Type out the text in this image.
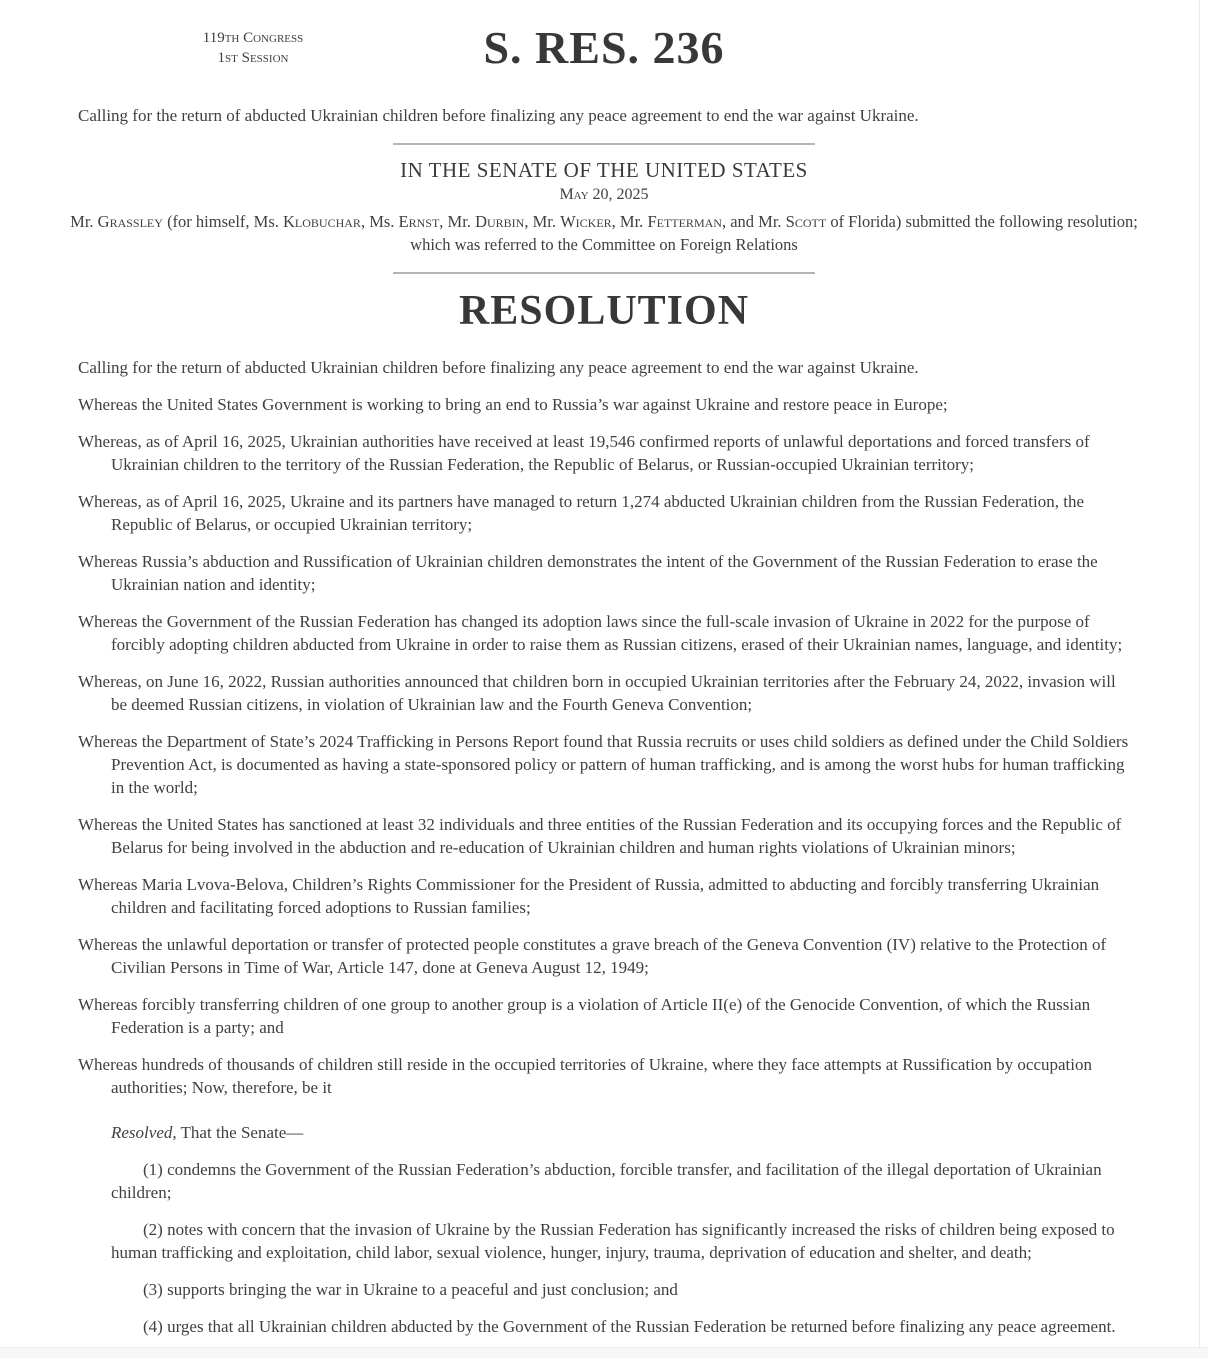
119th Congress
1st Session	S. RES. 236

Calling for the return of abducted Ukrainian children before finalizing any peace agreement to end the war against Ukraine.

IN THE SENATE OF THE UNITED STATES
May 20, 2025

Mr. Grassley (for himself, Ms. Klobuchar, Ms. Ernst, Mr. Durbin, Mr. Wicker, Mr. Fetterman, and Mr. Scott of Florida) submitted the following resolution; which was referred to the Committee on Foreign Relations

RESOLUTION

Calling for the return of abducted Ukrainian children before finalizing any peace agreement to end the war against Ukraine.

Whereas the United States Government is working to bring an end to Russia’s war against Ukraine and restore peace in Europe;

Whereas, as of April 16, 2025, Ukrainian authorities have received at least 19,546 confirmed reports of unlawful deportations and forced transfers of Ukrainian children to the territory of the Russian Federation, the Republic of Belarus, or Russian-occupied Ukrainian territory;

Whereas, as of April 16, 2025, Ukraine and its partners have managed to return 1,274 abducted Ukrainian children from the Russian Federation, the Republic of Belarus, or occupied Ukrainian territory;

Whereas Russia’s abduction and Russification of Ukrainian children demonstrates the intent of the Government of the Russian Federation to erase the Ukrainian nation and identity;

Whereas the Government of the Russian Federation has changed its adoption laws since the full-scale invasion of Ukraine in 2022 for the purpose of forcibly adopting children abducted from Ukraine in order to raise them as Russian citizens, erased of their Ukrainian names, language, and identity;

Whereas, on June 16, 2022, Russian authorities announced that children born in occupied Ukrainian territories after the February 24, 2022, invasion will be deemed Russian citizens, in violation of Ukrainian law and the Fourth Geneva Convention;

Whereas the Department of State’s 2024 Trafficking in Persons Report found that Russia recruits or uses child soldiers as defined under the Child Soldiers Prevention Act, is documented as having a state-sponsored policy or pattern of human trafficking, and is among the worst hubs for human trafficking in the world;

Whereas the United States has sanctioned at least 32 individuals and three entities of the Russian Federation and its occupying forces and the Republic of Belarus for being involved in the abduction and re-education of Ukrainian children and human rights violations of Ukrainian minors;

Whereas Maria Lvova-Belova, Children’s Rights Commissioner for the President of Russia, admitted to abducting and forcibly transferring Ukrainian children and facilitating forced adoptions to Russian families;

Whereas the unlawful deportation or transfer of protected people constitutes a grave breach of the Geneva Convention (IV) relative to the Protection of Civilian Persons in Time of War, Article 147, done at Geneva August 12, 1949;

Whereas forcibly transferring children of one group to another group is a violation of Article II(e) of the Genocide Convention, of which the Russian Federation is a party; and

Whereas hundreds of thousands of children still reside in the occupied territories of Ukraine, where they face attempts at Russification by occupation authorities; Now, therefore, be it

Resolved, That the Senate—

(1) condemns the Government of the Russian Federation’s abduction, forcible transfer, and facilitation of the illegal deportation of Ukrainian children;

(2) notes with concern that the invasion of Ukraine by the Russian Federation has significantly increased the risks of children being exposed to human trafficking and exploitation, child labor, sexual violence, hunger, injury, trauma, deprivation of education and shelter, and death;

(3) supports bringing the war in Ukraine to a peaceful and just conclusion; and

(4) urges that all Ukrainian children abducted by the Government of the Russian Federation be returned before finalizing any peace agreement.
